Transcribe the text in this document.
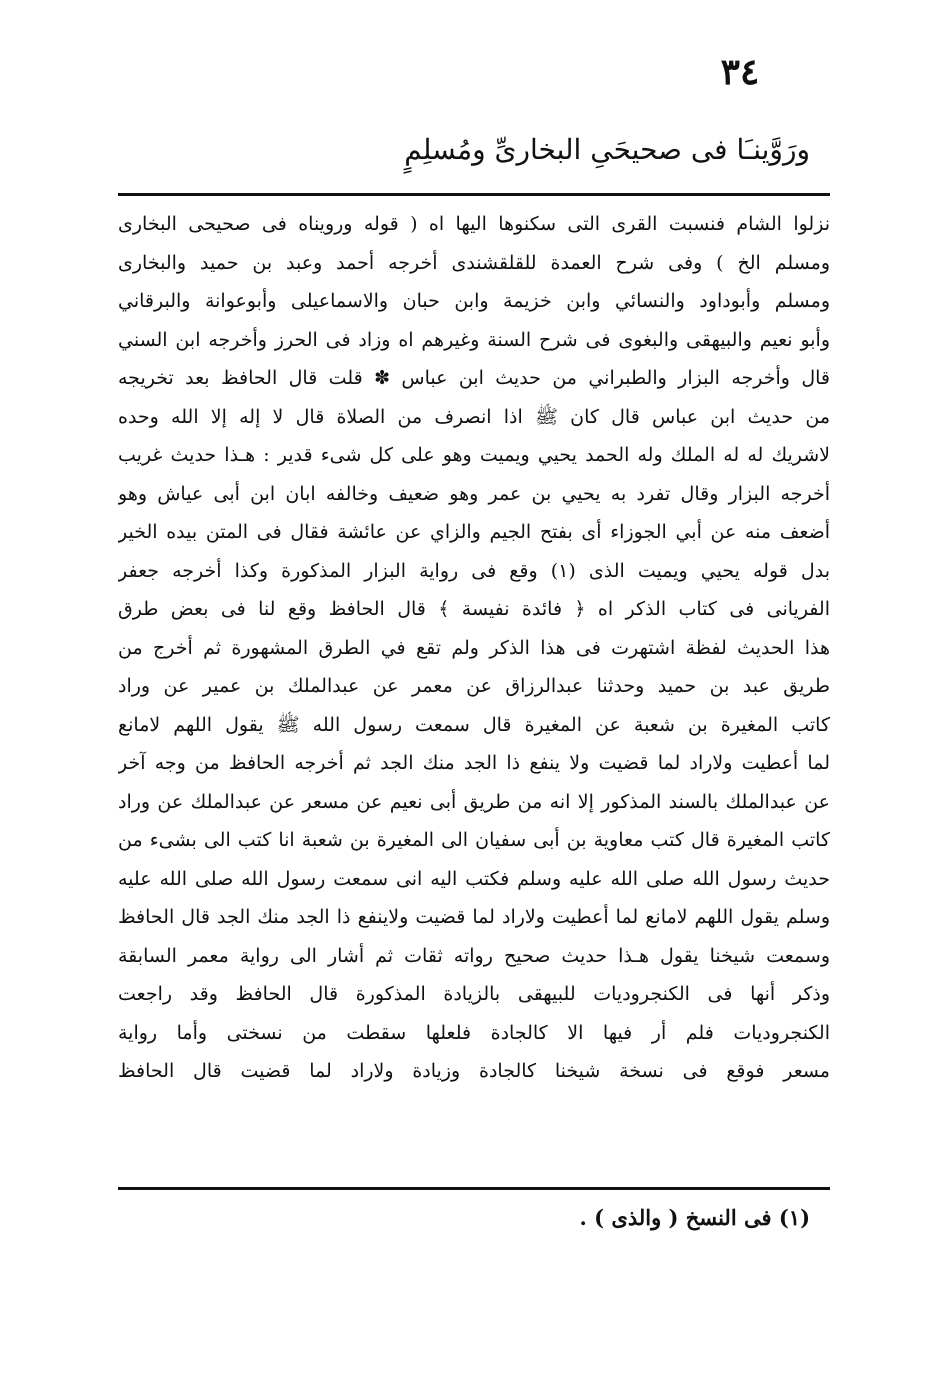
٣٤
ورَوَّينـَا فى صحيحَىِ البخارىِّ ومُسلِمٍ
نزلوا الشام فنسبت القرى التى سكنوها اليها اه ( قوله ورويناه فى صحيحى البخارى
ومسلم الخ ) وفى شرح العمدة للقلقشندى أخرجه أحمد وعبد بن حميد والبخارى
ومسلم وأبوداود والنسائي وابن خزيمة وابن حبان والاسماعيلى وأبوعوانة والبرقاني
وأبو نعيم والبيهقى والبغوى فى شرح السنة وغيرهم اه وزاد فى الحرز وأخرجه ابن السني
قال وأخرجه البزار والطبراني من حديث ابن عباس ✽ قلت قال الحافظ بعد تخريجه
من حديث ابن عباس قال كان ﷺ اذا انصرف من الصلاة قال لا إله إلا الله وحده
لاشريك له له الملك وله الحمد يحيي ويميت وهو على كل شىء قدير : هـذا حديث غريب
أخرجه البزار وقال تفرد به يحيي بن عمر وهو ضعيف وخالفه ابان ابن أبى عياش وهو
أضعف منه عن أبي الجوزاء أى بفتح الجيم والزاي عن عائشة فقال فى المتن بيده الخير
بدل قوله يحيي ويميت الذى (١) وقع فى رواية البزار المذكورة وكذا أخرجه جعفر
الفريانى فى كتاب الذكر اه ﴿ فائدة نفيسة ﴾ قال الحافظ وقع لنا فى بعض طرق
هذا الحديث لفظة اشتهرت فى هذا الذكر ولم تقع في الطرق المشهورة ثم أخرج من
طريق عبد بن حميد وحدثنا عبدالرزاق عن معمر عن عبدالملك بن عمير عن وراد
كاتب المغيرة بن شعبة عن المغيرة قال سمعت رسول الله ﷺ يقول اللهم لامانع
لما أعطيت ولاراد لما قضيت ولا ينفع ذا الجد منك الجد ثم أخرجه الحافظ من وجه آخر
عن عبدالملك بالسند المذكور إلا انه من طريق أبى نعيم عن مسعر عن عبدالملك عن وراد
كاتب المغيرة قال كتب معاوية بن أبى سفيان الى المغيرة بن شعبة انا كتب الى بشىء من
حديث رسول الله صلى الله عليه وسلم فكتب اليه انى سمعت رسول الله صلى الله عليه
وسلم يقول اللهم لامانع لما أعطيت ولاراد لما قضيت ولاينفع ذا الجد منك الجد قال الحافظ
وسمعت شيخنا يقول هـذا حديث صحيح رواته ثقات ثم أشار الى رواية معمر السابقة
وذكر أنها فى الكنجروديات للبيهقى بالزيادة المذكورة قال الحافظ وقد راجعت
الكنجروديات فلم أر فيها الا كالجادة فلعلها سقطت من نسختى وأما رواية
مسعر فوقع فى نسخة شيخنا كالجادة وزيادة ولاراد لما قضيت قال الحافظ
(١) فى النسخ ( والذى ) .
